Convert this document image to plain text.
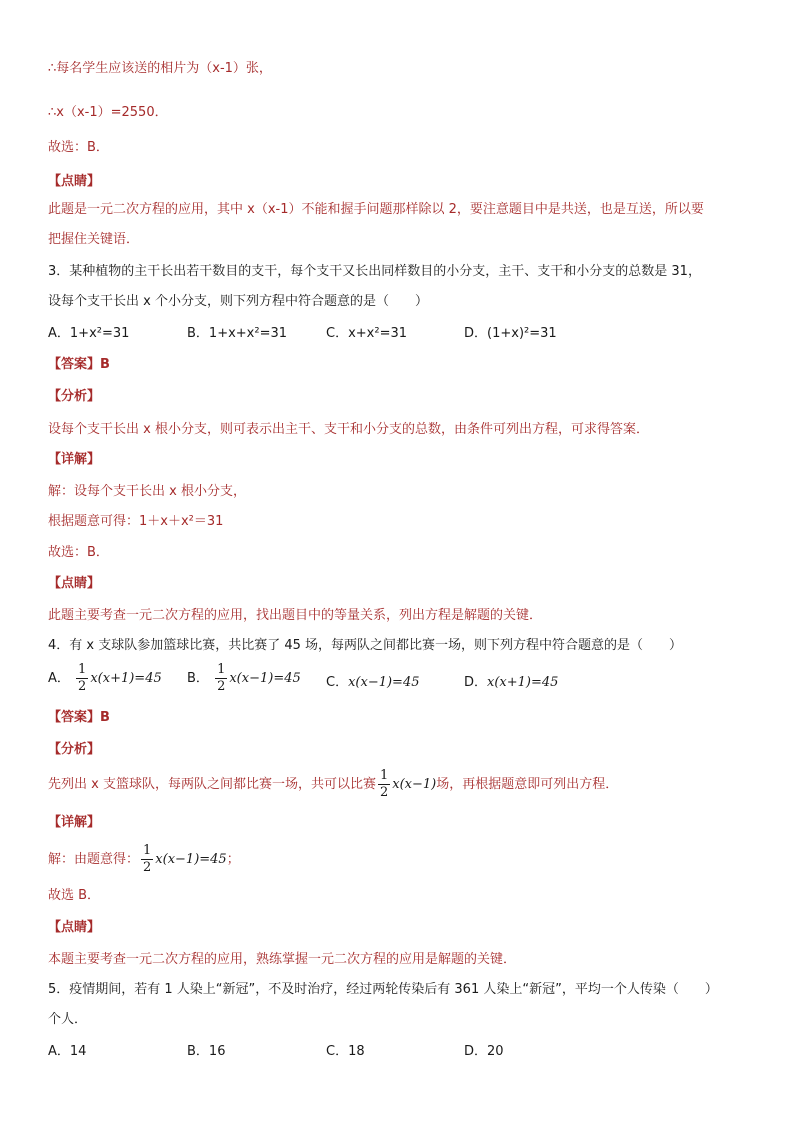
∴每名学生应该送的相片为（x-1）张，
∴x（x-1）=2550．
故选：B．
【点睛】
此题是一元二次方程的应用，其中 x（x-1）不能和握手问题那样除以 2，要注意题目中是共送，也是互送，所以要
把握住关键语．
3．某种植物的主干长出若干数目的支干，每个支干又长出同样数目的小分支，主干、支干和小分支的总数是 31，
设每个支干长出 x 个小分支，则下列方程中符合题意的是（　　）
A．1+x²=31	B．1+x+x²=31	C．x+x²=31	D．(1+x)²=31
【答案】B
【分析】
设每个支干长出 x 根小分支，则可表示出主干、支干和小分支的总数，由条件可列出方程，可求得答案．
【详解】
解：设每个支干长出 x 根小分支，
根据题意可得：1＋x＋x²＝31
故选：B．
【点睛】
此题主要考查一元二次方程的应用，找出题目中的等量关系，列出方程是解题的关键．
4．有 x 支球队参加篮球比赛，共比赛了 45 场，每两队之间都比赛一场，则下列方程中符合题意的是（　　）
A． $\frac{1}{2} x(x+1)=45$ B． $\frac{1}{2} x(x-1)=45$ C．x(x−1)=45	D．x(x+1)=45
【答案】B
【分析】
先列出 x 支篮球队，每两队之间都比赛一场，共可以比赛 $\frac{1}{2} x(x-1)$场，再根据题意即可列出方程．
【详解】
解：由题意得： $\frac{1}{2} x(x-1)=45$；
故选 B．
【点睛】
本题主要考查一元二次方程的应用，熟练掌握一元二次方程的应用是解题的关键．
5．疫情期间，若有 1 人染上“新冠”，不及时治疗，经过两轮传染后有 361 人染上“新冠”，平均一个人传染（　　）
个人．
A．14	B．16	C．18	D．20
